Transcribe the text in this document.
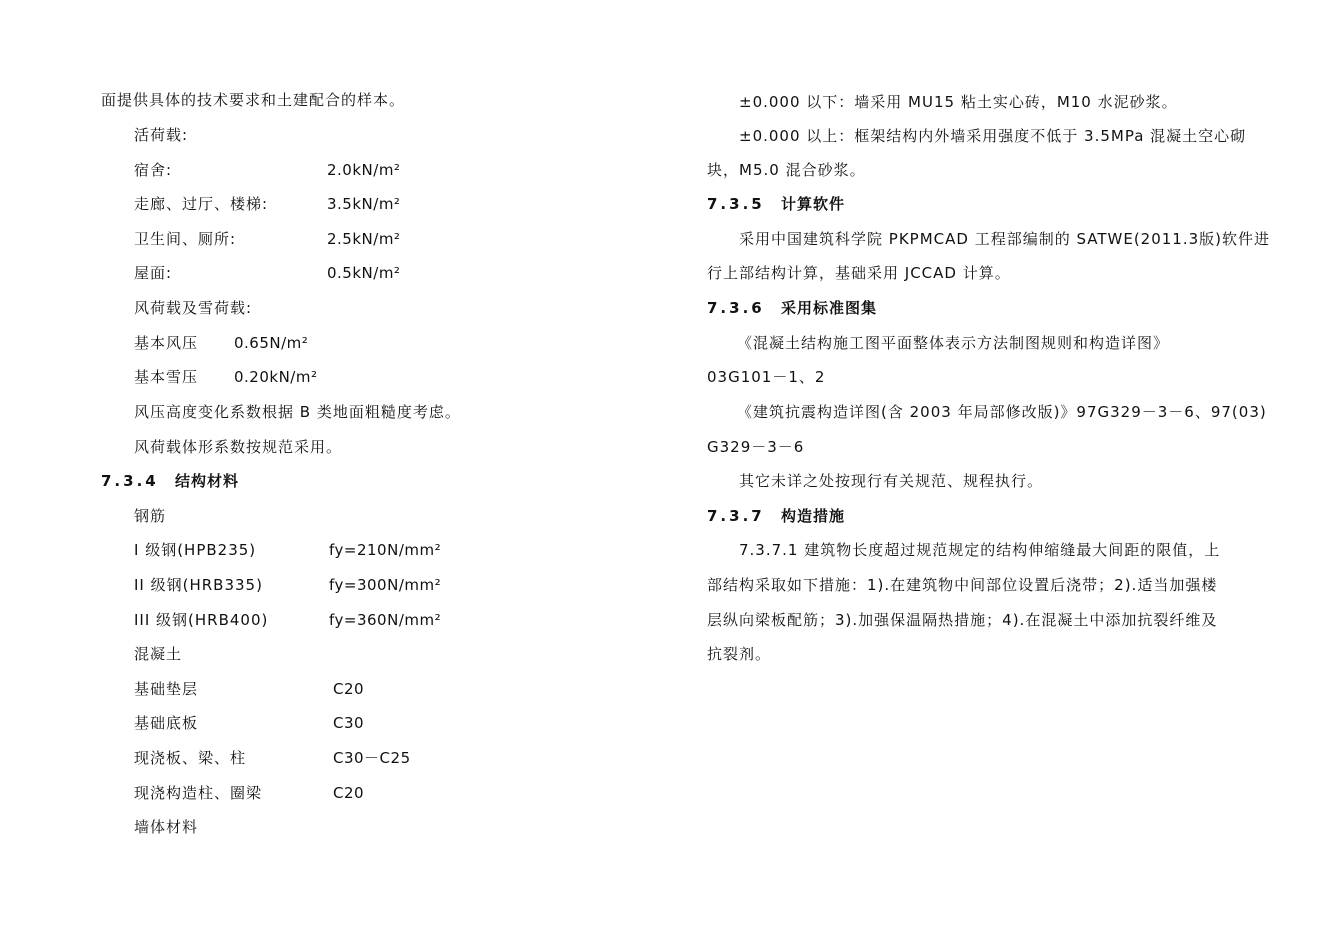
面提供具体的技术要求和土建配合的样本。
活荷载:
宿舍:	2.0kN/m²
走廊、过厅、楼梯:	3.5kN/m²
卫生间、厕所:	2.5kN/m²
屋面:	0.5kN/m²
风荷载及雪荷载:
基本风压 0.65N/m²
基本雪压 0.20kN/m²
风压高度变化系数根据 B 类地面粗糙度考虑。
风荷载体形系数按规范采用。
7.3.4 结构材料
钢筋
I 级钢(HPB235)	fy=210N/mm²
II 级钢(HRB335)	fy=300N/mm²
III 级钢(HRB400)	fy=360N/mm²
混凝土
基础垫层	C20
基础底板	C30
现浇板、梁、柱	C30－C25
现浇构造柱、圈梁	C20
墙体材料
±0.000 以下：墙采用 MU15 粘土实心砖，M10 水泥砂浆。
±0.000 以上：框架结构内外墙采用强度不低于 3.5MPa 混凝土空心砌
块，M5.0 混合砂浆。
7.3.5 计算软件
采用中国建筑科学院 PKPMCAD 工程部编制的 SATWE(2011.3版)软件进
行上部结构计算，基础采用 JCCAD 计算。
7.3.6 采用标准图集
《混凝土结构施工图平面整体表示方法制图规则和构造详图》
03G101－1、2
《建筑抗震构造详图(含 2003 年局部修改版)》97G329－3－6、97(03)
G329－3－6
其它未详之处按现行有关规范、规程执行。
7.3.7 构造措施
7.3.7.1 建筑物长度超过规范规定的结构伸缩缝最大间距的限值，上
部结构采取如下措施：1).在建筑物中间部位设置后浇带；2).适当加强楼
层纵向梁板配筋；3).加强保温隔热措施；4).在混凝土中添加抗裂纤维及
抗裂剂。
